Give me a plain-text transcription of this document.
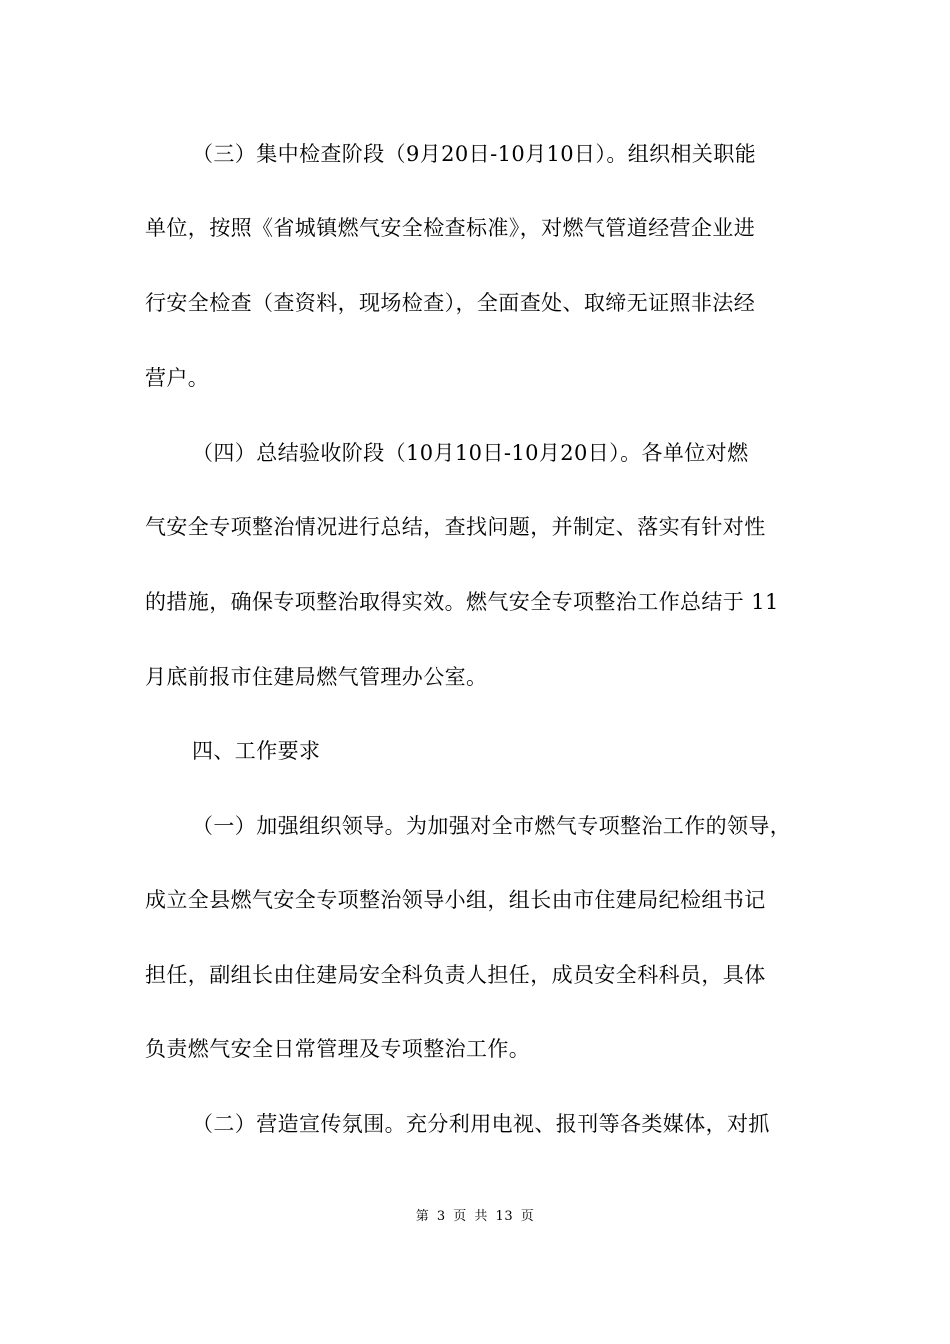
（三）集中检查阶段（9月20日-10月10日）。组织相关职能
单位，按照《省城镇燃气安全检查标准》，对燃气管道经营企业进
行安全检查（查资料，现场检查），全面查处、取缔无证照非法经
营户。
（四）总结验收阶段（10月10日-10月20日）。各单位对燃
气安全专项整治情况进行总结，查找问题，并制定、落实有针对性
的措施，确保专项整治取得实效。燃气安全专项整治工作总结于 11
月底前报市住建局燃气管理办公室。
四、工作要求
（一）加强组织领导。为加强对全市燃气专项整治工作的领导，
成立全县燃气安全专项整治领导小组，组长由市住建局纪检组书记
担任，副组长由住建局安全科负责人担任，成员安全科科员，具体
负责燃气安全日常管理及专项整治工作。
（二）营造宣传氛围。充分利用电视、报刊等各类媒体，对抓
第 3 页 共 13 页
